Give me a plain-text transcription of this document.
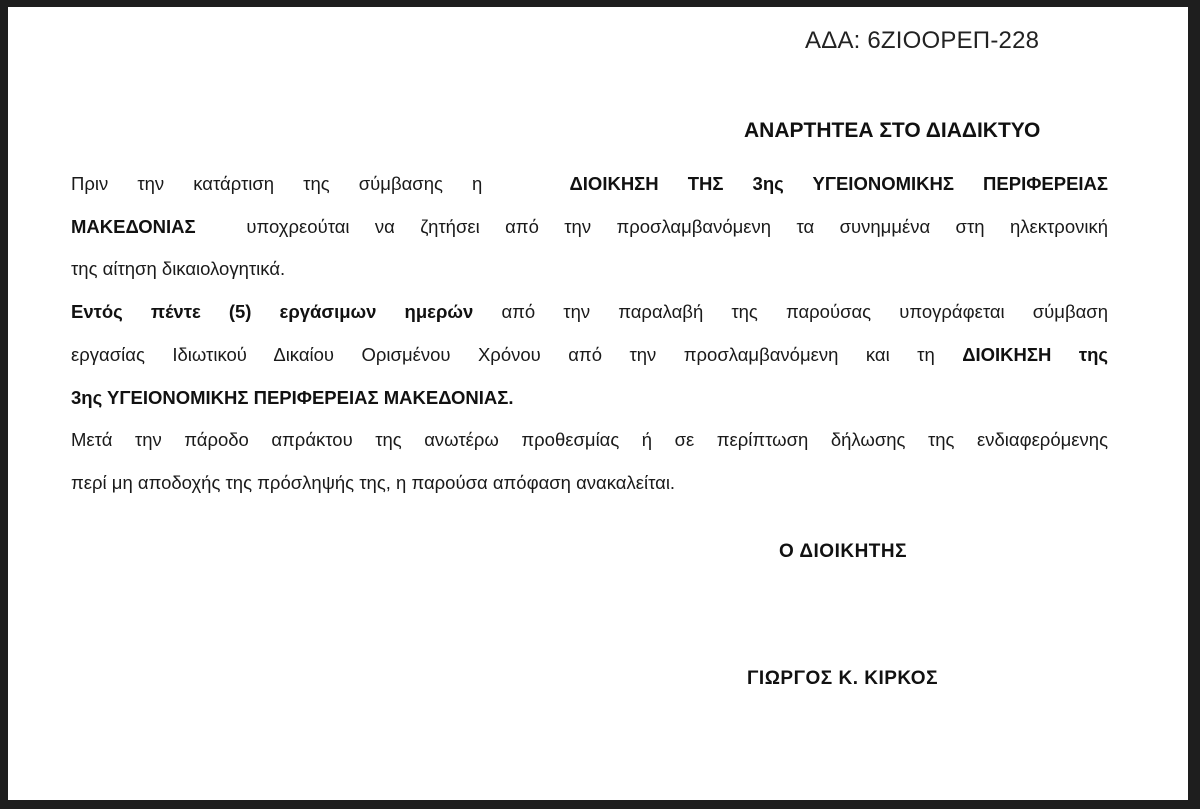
ΑΔΑ: 6ΖΙΟΟΡΕΠ-228
ΑΝΑΡΤΗΤΕΑ ΣΤΟ ΔΙΑΔΙΚΤΥΟ
Πριν την κατάρτιση της σύμβασης η	ΔΙΟΙΚΗΣΗ ΤΗΣ 3ης ΥΓΕΙΟΝΟΜΙΚΗΣ ΠΕΡΙΦΕΡΕΙΑΣ
ΜΑΚΕΔΟΝΙΑΣ	υποχρεούται να ζητήσει από την προσλαμβανόμενη τα συνημμένα στη ηλεκτρονική
της αίτηση δικαιολογητικά.
Εντός πέντε (5) εργάσιμων ημερών από την παραλαβή της παρούσας υπογράφεται σύμβαση
εργασίας Ιδιωτικού Δικαίου Ορισμένου Χρόνου από την προσλαμβανόμενη και τη ΔΙΟΙΚΗΣΗ της
3ης ΥΓΕΙΟΝΟΜΙΚΗΣ ΠΕΡΙΦΕΡΕΙΑΣ ΜΑΚΕΔΟΝΙΑΣ.
Μετά την πάροδο απράκτου της ανωτέρω προθεσμίας ή σε περίπτωση δήλωσης της ενδιαφερόμενης
περί μη αποδοχής της πρόσληψής της, η παρούσα απόφαση ανακαλείται.
Ο ΔΙΟΙΚΗΤΗΣ
ΓΙΩΡΓΟΣ Κ. ΚΙΡΚΟΣ
